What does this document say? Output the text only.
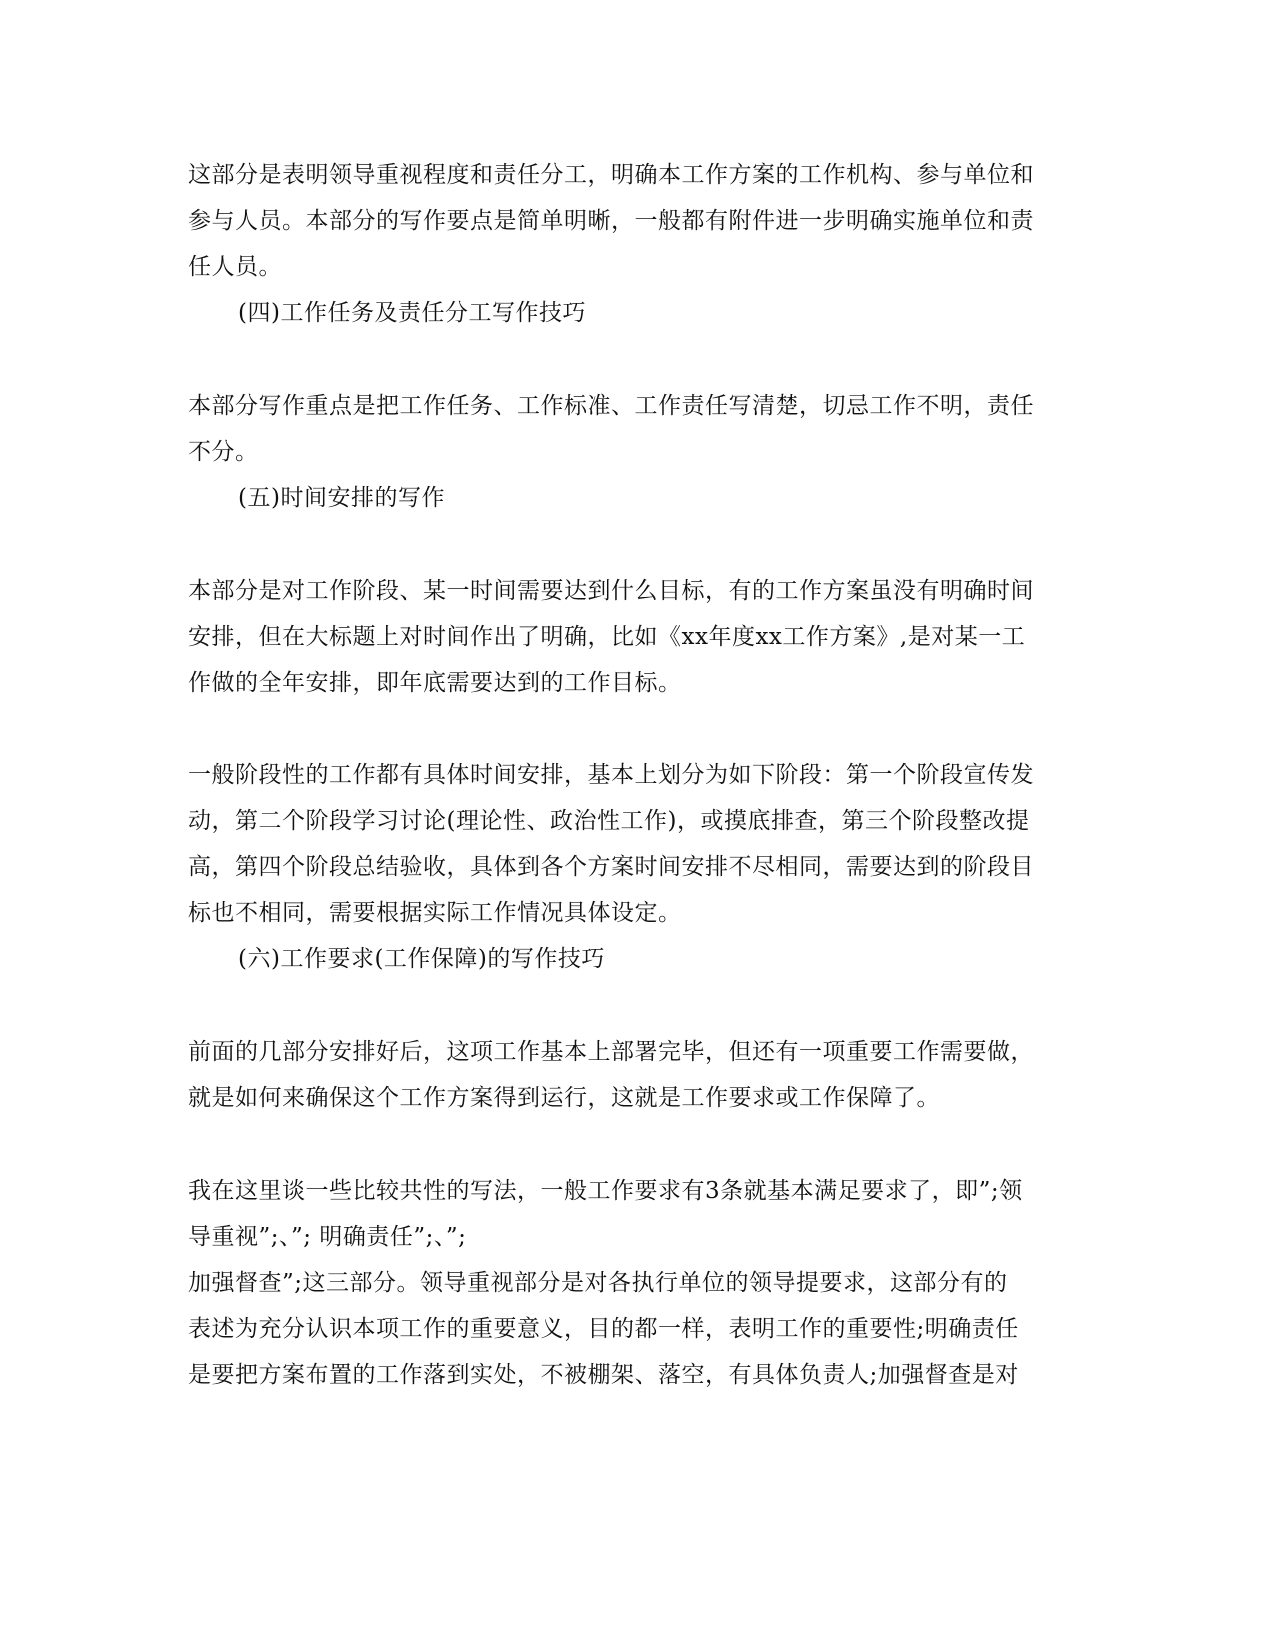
这部分是表明领导重视程度和责任分工，明确本工作方案的工作机构、参与单位和
参与人员。本部分的写作要点是简单明晰，一般都有附件进一步明确实施单位和责
任人员。
(四)工作任务及责任分工写作技巧
本部分写作重点是把工作任务、工作标准、工作责任写清楚，切忌工作不明，责任
不分。
(五)时间安排的写作
本部分是对工作阶段、某一时间需要达到什么目标，有的工作方案虽没有明确时间
安排，但在大标题上对时间作出了明确，比如《xx年度xx工作方案》,是对某一工
作做的全年安排，即年底需要达到的工作目标。
一般阶段性的工作都有具体时间安排，基本上划分为如下阶段：第一个阶段宣传发
动，第二个阶段学习讨论(理论性、政治性工作)，或摸底排查，第三个阶段整改提
高，第四个阶段总结验收，具体到各个方案时间安排不尽相同，需要达到的阶段目
标也不相同，需要根据实际工作情况具体设定。
(六)工作要求(工作保障)的写作技巧
前面的几部分安排好后，这项工作基本上部署完毕，但还有一项重要工作需要做，
就是如何来确保这个工作方案得到运行，这就是工作要求或工作保障了。
我在这里谈一些比较共性的写法，一般工作要求有3条就基本满足要求了，即”;领
导重视”;、”; 明确责任”;、”;
加强督查”;这三部分。领导重视部分是对各执行单位的领导提要求，这部分有的
表述为充分认识本项工作的重要意义，目的都一样，表明工作的重要性;明确责任
是要把方案布置的工作落到实处，不被棚架、落空，有具体负责人;加强督查是对
